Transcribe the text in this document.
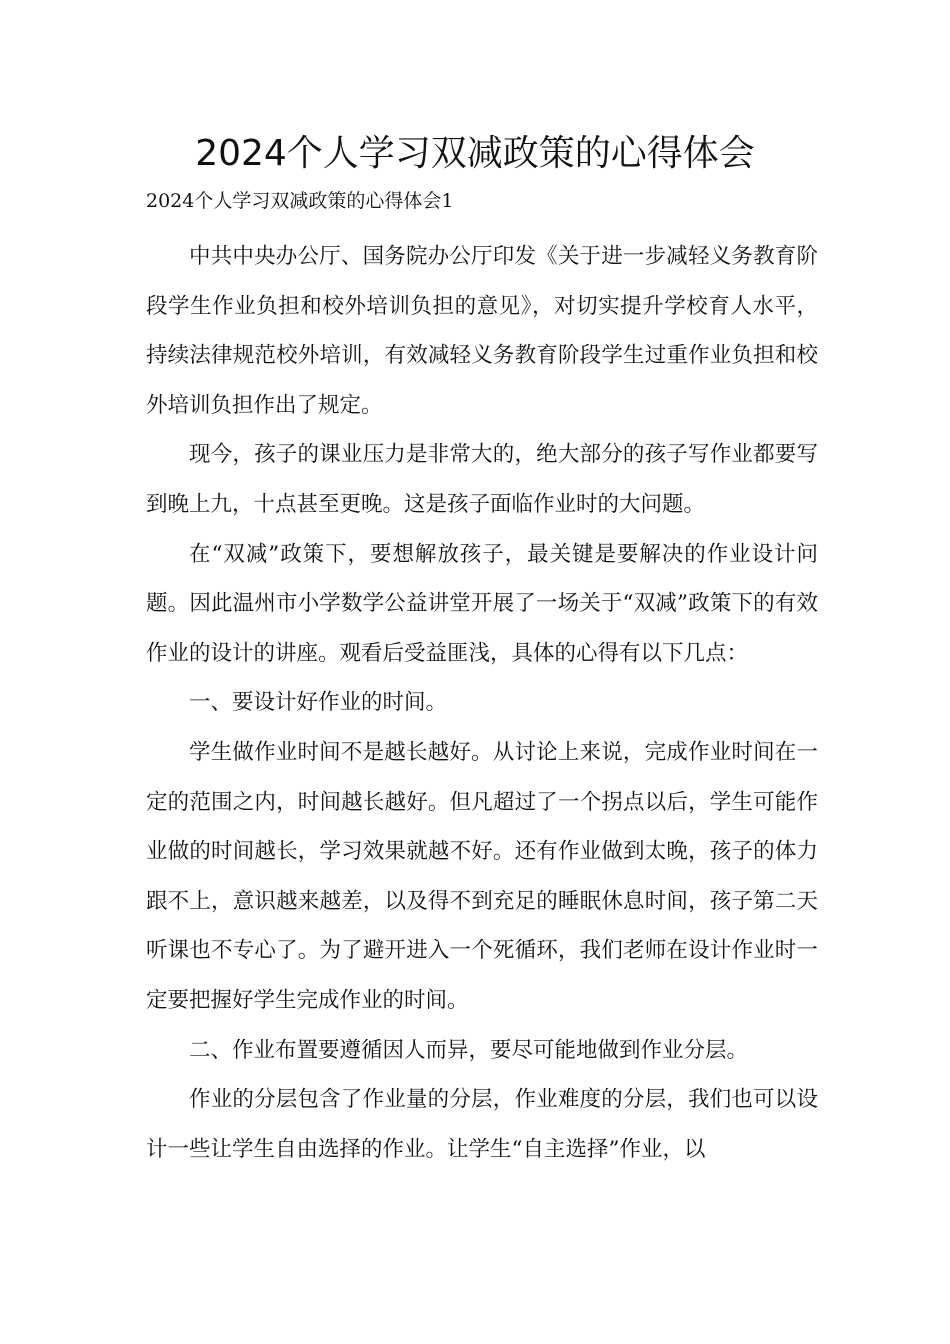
2024个人学习双减政策的心得体会

2024个人学习双减政策的心得体会1

中共中央办公厅、国务院办公厅印发《关于进一步减轻义务教育阶段学生作业负担和校外培训负担的意见》，对切实提升学校育人水平，持续法律规范校外培训，有效减轻义务教育阶段学生过重作业负担和校外培训负担作出了规定。

现今，孩子的课业压力是非常大的，绝大部分的孩子写作业都要写到晚上九，十点甚至更晚。这是孩子面临作业时的大问题。

在“双减”政策下，要想解放孩子，最关键是要解决的作业设计问题。因此温州市小学数学公益讲堂开展了一场关于“双减”政策下的有效作业的设计的讲座。观看后受益匪浅，具体的心得有以下几点：

一、要设计好作业的时间。

学生做作业时间不是越长越好。从讨论上来说，完成作业时间在一定的范围之内，时间越长越好。但凡超过了一个拐点以后，学生可能作业做的时间越长，学习效果就越不好。还有作业做到太晚，孩子的体力跟不上，意识越来越差，以及得不到充足的睡眠休息时间，孩子第二天听课也不专心了。为了避开进入一个死循环，我们老师在设计作业时一定要把握好学生完成作业的时间。

二、作业布置要遵循因人而异，要尽可能地做到作业分层。

作业的分层包含了作业量的分层，作业难度的分层，我们也可以设计一些让学生自由选择的作业。让学生“自主选择”作业，以
